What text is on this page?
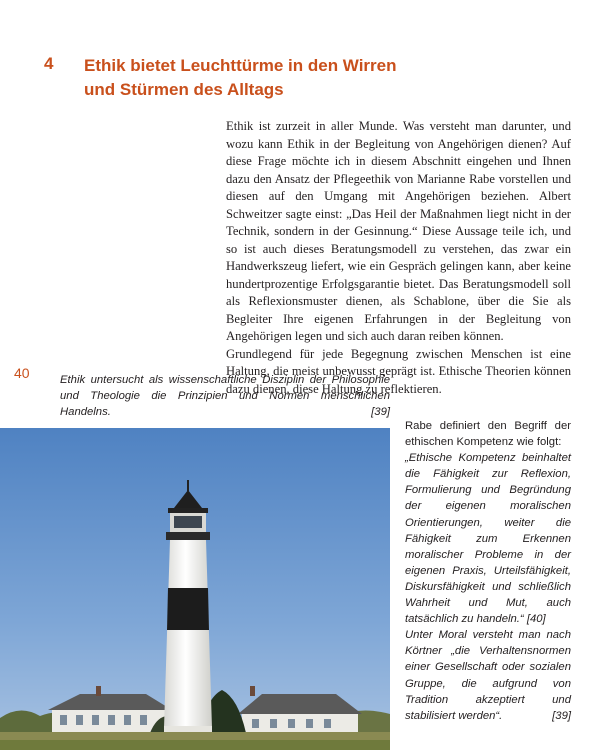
4 Ethik bietet Leuchttürme in den Wirren
und Stürmen des Alltags

Ethik ist zurzeit in aller Munde. Was versteht man darunter, und wozu kann Ethik in der Begleitung von Angehörigen dienen? Auf diese Frage möchte ich in diesem Abschnitt eingehen und Ihnen dazu den Ansatz der Pflegeethik von Marianne Rabe vorstellen und diesen auf den Umgang mit Angehörigen beziehen. Albert Schweitzer sagte einst: „Das Heil der Maßnahmen liegt nicht in der Technik, sondern in der Gesinnung.“ Diese Aussage teile ich, und so ist auch dieses Beratungsmodell zu verstehen, das zwar ein Handwerkszeug liefert, wie ein Gespräch gelingen kann, aber keine hundertprozentige Erfolgsgarantie bietet. Das Beratungsmodell soll als Reflexionsmuster dienen, als Schablone, über die Sie als Begleiter Ihre eigenen Erfahrungen in der Begleitung von Angehörigen legen und sich auch daran reiben können.

Grundlegend für jede Begegnung zwischen Menschen ist eine Haltung, die meist unbewusst geprägt ist. Ethische Theorien können dazu dienen, diese Haltung zu reflektieren.

40	Ethik untersucht als wissenschaftliche Disziplin der Philosophie und Theologie die Prinzipien und Normen menschlichen Handelns.	[39]
Rabe definiert den Begriff der ethischen Kompetenz wie folgt:
„Ethische Kompetenz beinhaltet die Fähigkeit zur Reflexion, Formulierung und Begründung der eigenen moralischen Orientierungen, weiter die Fähigkeit zum Erkennen moralischer Probleme in der eigenen Praxis, Urteilsfähigkeit, Diskursfähigkeit und schließlich Wahrheit und Mut, auch tatsächlich zu handeln.“ [40]
Unter Moral versteht man nach Körtner „die Verhaltensnormen einer Gesellschaft oder sozialen Gruppe, die aufgrund von Tradition akzeptiert und stabilisiert werden“.	[39]
